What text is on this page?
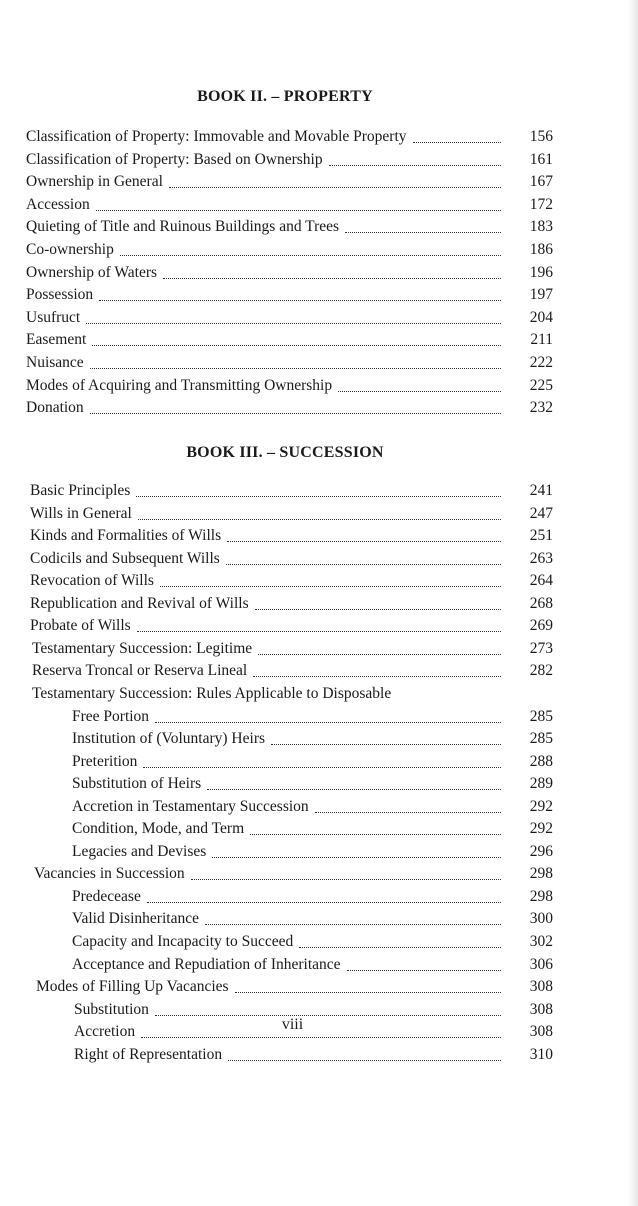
BOOK II. – PROPERTY
Classification of Property: Immovable and Movable Property	156
Classification of Property: Based on Ownership	161
Ownership in General	167
Accession	172
Quieting of Title and Ruinous Buildings and Trees	183
Co-ownership	186
Ownership of Waters	196
Possession	197
Usufruct	204
Easement	211
Nuisance	222
Modes of Acquiring and Transmitting Ownership	225
Donation	232
BOOK III. – SUCCESSION
Basic Principles	241
Wills in General	247
Kinds and Formalities of Wills	251
Codicils and Subsequent Wills	263
Revocation of Wills	264
Republication and Revival of Wills	268
Probate of Wills	269
Testamentary Succession: Legitime	273
Reserva Troncal or Reserva Lineal	282
Testamentary Succession: Rules Applicable to Disposable
Free Portion	285
Institution of (Voluntary) Heirs	285
Preterition	288
Substitution of Heirs	289
Accretion in Testamentary Succession	292
Condition, Mode, and Term	292
Legacies and Devises	296
Vacancies in Succession	298
Predecease	298
Valid Disinheritance	300
Capacity and Incapacity to Succeed	302
Acceptance and Repudiation of Inheritance	306
Modes of Filling Up Vacancies	308
Substitution	308
Accretion	308
Right of Representation	310
viii
